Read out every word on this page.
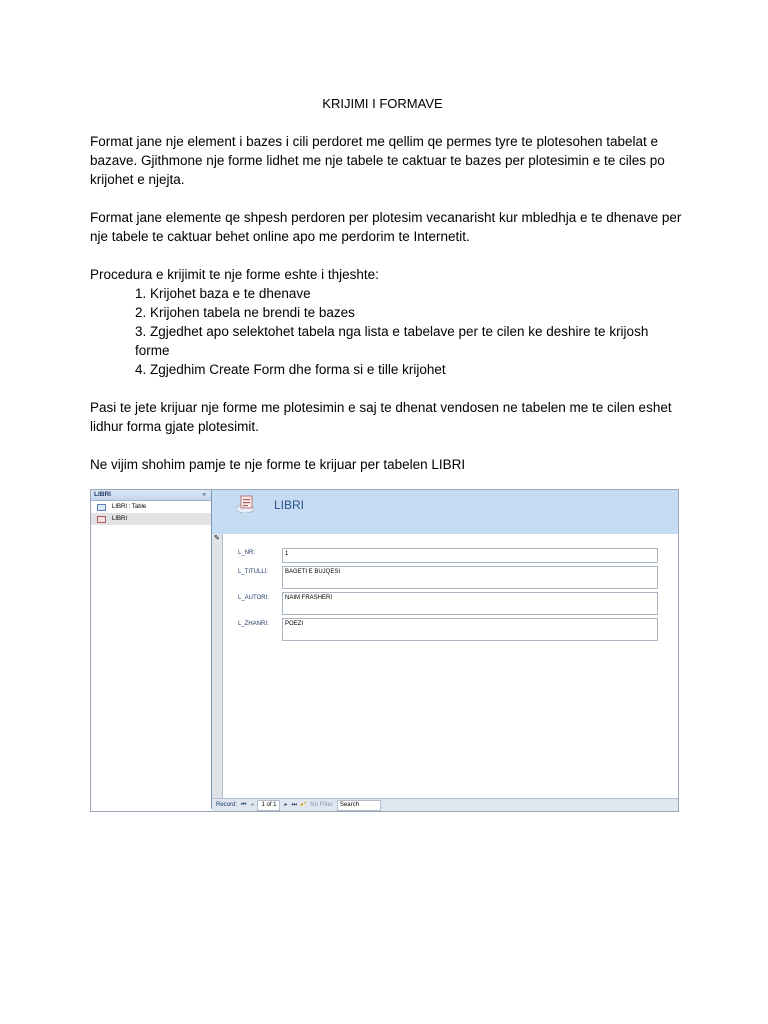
KRIJIMI I FORMAVE

Format jane nje element i bazes i cili perdoret me qellim qe permes tyre te plotesohen tabelat e bazave. Gjithmone nje forme lidhet me nje tabele te caktuar te bazes per plotesimin e te ciles po krijohet e njejta.

Format jane elemente qe shpesh perdoren per plotesim vecanarisht kur mbledhja e te dhenave per nje tabele te caktuar behet online apo me perdorim te Internetit.

Procedura e krijimit te nje forme eshte i thjeshte:

1. Krijohet baza e te dhenave
2. Krijohen tabela ne brendi te bazes
3. Zgjedhet apo selektohet tabela nga lista e tabelave per te cilen ke deshire te krijosh forme
4. Zgjedhim Create Form dhe forma si e tille krijohet

Pasi te jete krijuar nje forme me plotesimin e saj te dhenat vendosen ne tabelen me te cilen eshet lidhur forma gjate plotesimit.

Ne vijim shohim pamje te nje forme te krijuar per tabelen LIBRI

LIBRI	»
LIBRI : Table
LIBRI
LIBRI
✎
L_NR:	1
L_TITULLI:	BAGETI E BUJQESI
L_AUTORI:	NAIM FRASHERI
L_ZHANRI:	POEZI
Record: ⏮ ◂	1 of 1	▸ ⏭ ▸* No Filter	Search
